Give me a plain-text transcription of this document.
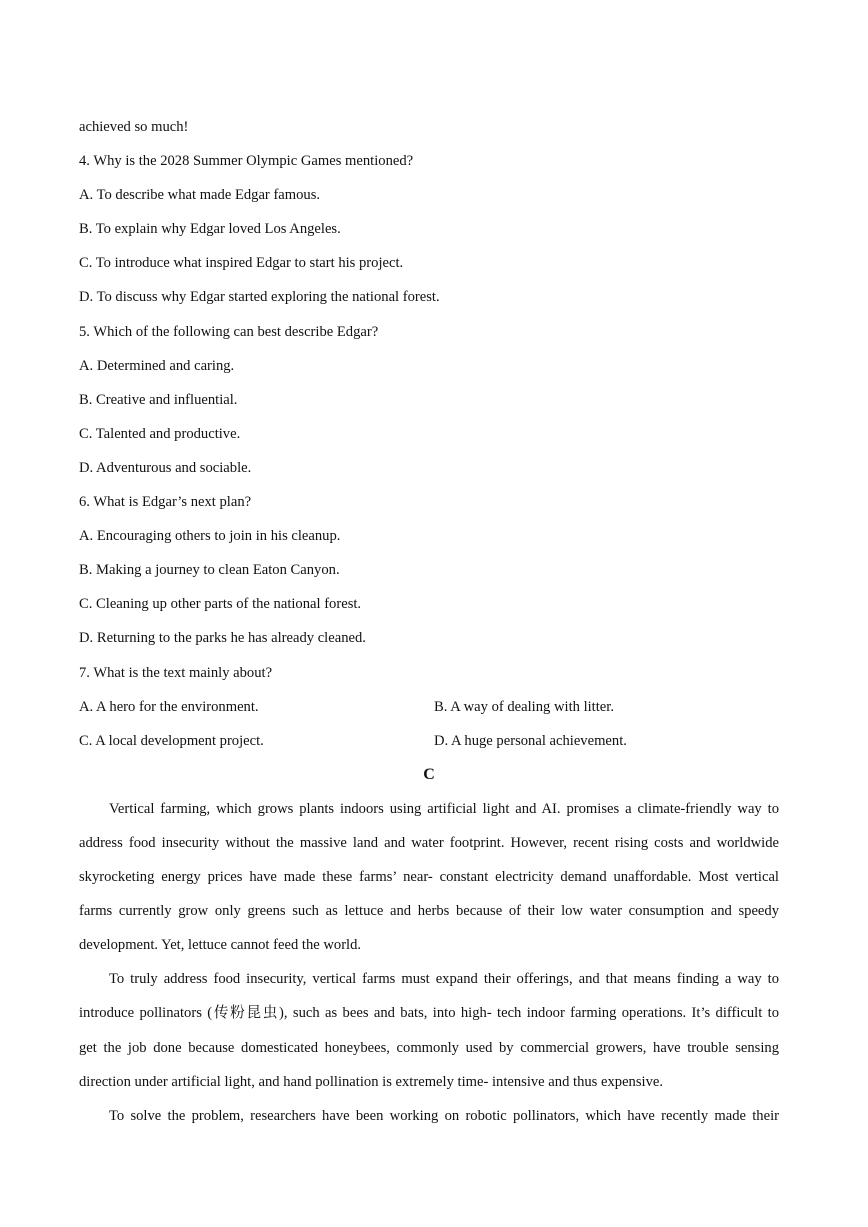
achieved so much!
4. Why is the 2028 Summer Olympic Games mentioned?
A. To describe what made Edgar famous.
B. To explain why Edgar loved Los Angeles.
C. To introduce what inspired Edgar to start his project.
D. To discuss why Edgar started exploring the national forest.
5. Which of the following can best describe Edgar?
A. Determined and caring.
B. Creative and influential.
C. Talented and productive.
D. Adventurous and sociable.
6. What is Edgar’s next plan?
A. Encouraging others to join in his cleanup.
B. Making a journey to clean Eaton Canyon.
C. Cleaning up other parts of the national forest.
D. Returning to the parks he has already cleaned.
7. What is the text mainly about?
A. A hero for the environment.	B. A way of dealing with litter.
C. A local development project.	D. A huge personal achievement.
C
Vertical farming, which grows plants indoors using artificial light and AI. promises a climate-friendly way to
address food insecurity without the massive land and water footprint. However, recent rising costs and worldwide
skyrocketing energy prices have made these farms’ near- constant electricity demand unaffordable. Most vertical
farms currently grow only greens such as lettuce and herbs because of their low water consumption and speedy
development. Yet, lettuce cannot feed the world.
To truly address food insecurity, vertical farms must expand their offerings, and that means finding a way to
introduce pollinators (传粉昆虫), such as bees and bats, into high- tech indoor farming operations. It’s difficult to
get the job done because domesticated honeybees, commonly used by commercial growers, have trouble sensing
direction under artificial light, and hand pollination is extremely time- intensive and thus expensive.
To solve the problem, researchers have been working on robotic pollinators, which have recently made their
